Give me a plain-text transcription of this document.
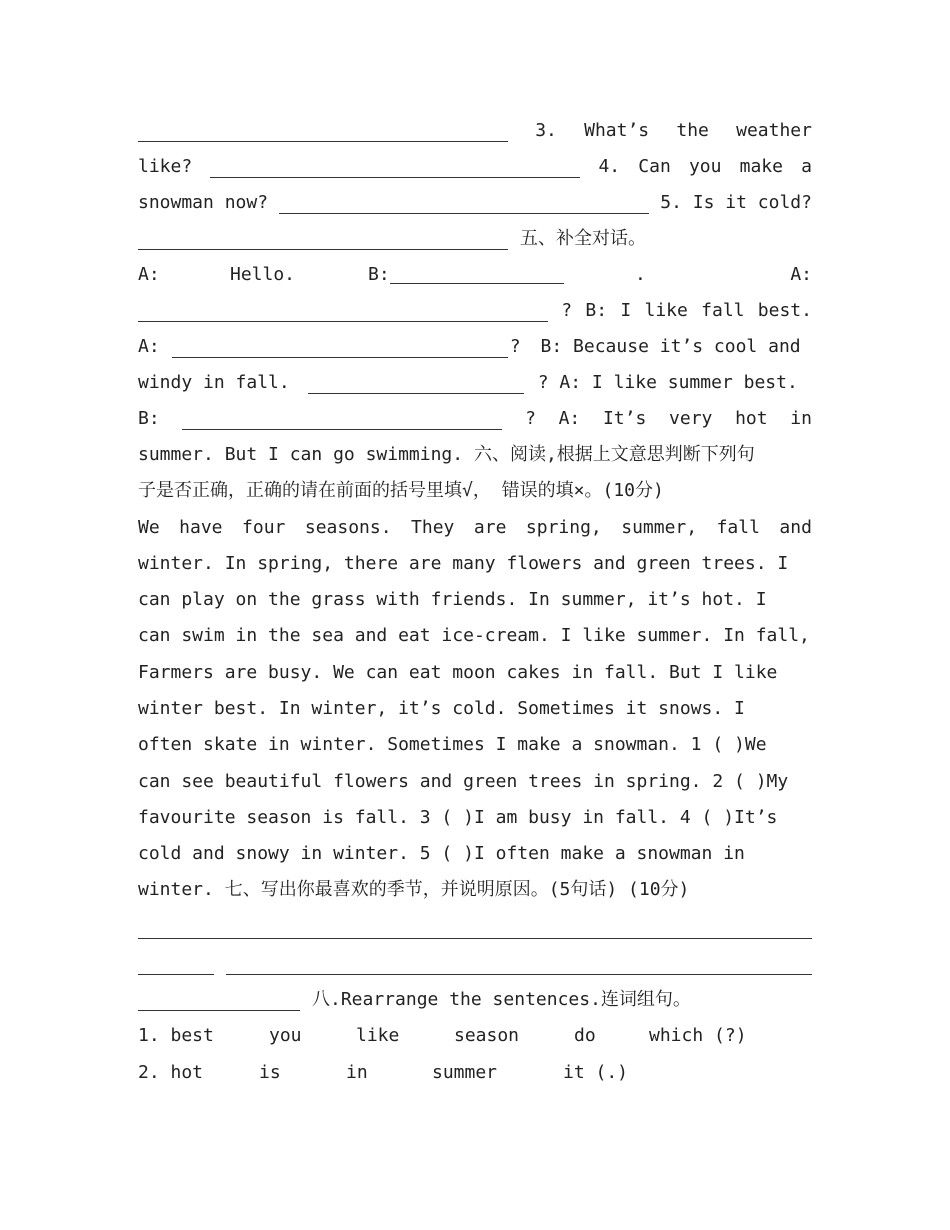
3. What’s the weather
like?	4. Can you make a
snowman now?	5. Is it cold?
五、补全对话。
A:	Hello.	B:	.	A:
? B: I like fall best.
A:	? B: Because it’s cool and
windy in fall.	? A: I like summer best.
B:	? A: It’s very hot in
summer. But I can go swimming. 六、阅读,根据上文意思判断下列句
子是否正确，正确的请在前面的括号里填√， 错误的填×。(10分)
We have four seasons. They are spring, summer, fall and
winter. In spring, there are many flowers and green trees. I
can play on the grass with friends. In summer, it’s hot. I
can swim in the sea and eat ice-cream. I like summer. In fall,
Farmers are busy. We can eat moon cakes in fall. But I like
winter best. In winter, it’s cold. Sometimes it snows. I
often skate in winter. Sometimes I make a snowman. 1 ( )We
can see beautiful flowers and green trees in spring. 2 ( )My
favourite season is fall. 3 ( )I am busy in fall. 4 ( )It’s
cold and snowy in winter. 5 ( )I often make a snowman in
winter. 七、写出你最喜欢的季节，并说明原因。(5句话) (10分)
八.Rearrange the sentences.连词组句。
1. best	you	like	season	do	which (?)
2. hot	is	in	summer	it (.)
